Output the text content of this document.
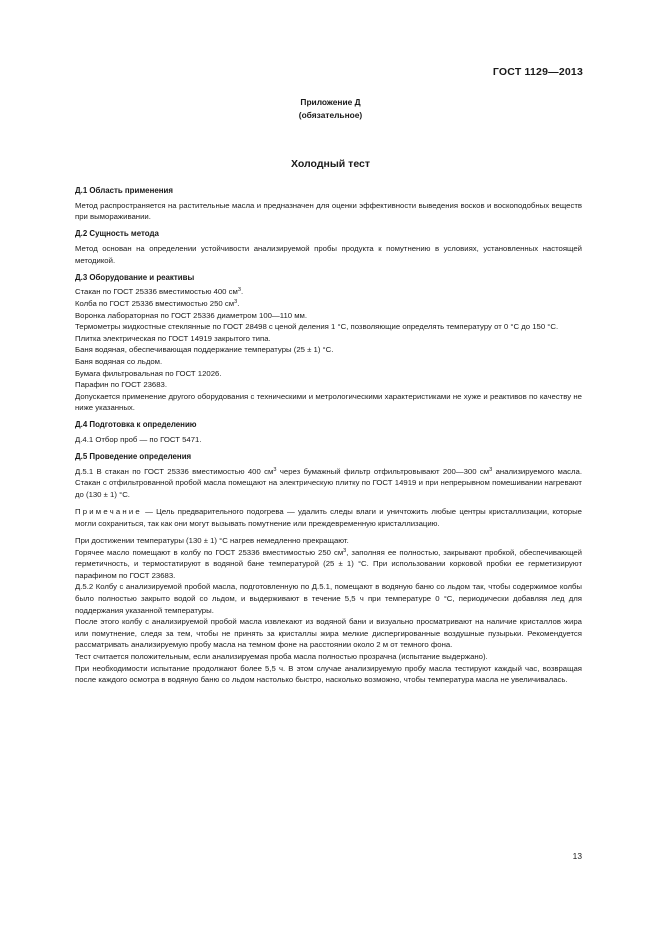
ГОСТ 1129—2013
Приложение Д
(обязательное)
Холодный тест
Д.1 Область применения

Метод распространяется на растительные масла и предназначен для оценки эффективности выведения восков и воскоподобных веществ при вымораживании.

Д.2 Сущность метода

Метод основан на определении устойчивости анализируемой пробы продукта к помутнению в условиях, установленных настоящей методикой.

Д.3 Оборудование и реактивы

Стакан по ГОСТ 25336 вместимостью 400 $см^3$.

Колба по ГОСТ 25336 вместимостью 250 $см^3$.

Воронка лабораторная по ГОСТ 25336 диаметром 100—110 мм.

Термометры жидкостные стеклянные по ГОСТ 28498 с ценой деления 1 °С, позволяющие определять температуру от 0 °С до 150 °С.

Плитка электрическая по ГОСТ 14919 закрытого типа.

Баня водяная, обеспечивающая поддержание температуры (25 ± 1) °С.

Баня водяная со льдом.

Бумага фильтровальная по ГОСТ 12026.

Парафин по ГОСТ 23683.

Допускается применение другого оборудования с техническими и метрологическими характеристиками не хуже и реактивов по качеству не ниже указанных.

Д.4 Подготовка к определению

Д.4.1 Отбор проб — по ГОСТ 5471.

Д.5 Проведение определения

Д.5.1 В стакан по ГОСТ 25336 вместимостью 400 $см^3$ через бумажный фильтр отфильтровывают 200—300 $см^3$ анализируемого масла. Стакан с отфильтрованной пробой масла помещают на электрическую плитку по ГОСТ 14919 и при непрерывном помешивании нагревают до (130 ± 1) °С.

Примечание — Цель предварительного подогрева — удалить следы влаги и уничтожить любые центры кристаллизации, которые могли сохраниться, так как они могут вызывать помутнение или преждевременную кристаллизацию.

При достижении температуры (130 ± 1) °С нагрев немедленно прекращают.

Горячее масло помещают в колбу по ГОСТ 25336 вместимостью 250 $см^3$, заполняя ее полностью, закрывают пробкой, обеспечивающей герметичность, и термостатируют в водяной бане температурой (25 ± 1) °С. При использовании корковой пробки ее герметизируют парафином по ГОСТ 23683.

Д.5.2 Колбу с анализируемой пробой масла, подготовленную по Д.5.1, помещают в водяную баню со льдом так, чтобы содержимое колбы было полностью закрыто водой со льдом, и выдерживают в течение 5,5 ч при температуре 0 °С, периодически добавляя лед для поддержания указанной температуры.

После этого колбу с анализируемой пробой масла извлекают из водяной бани и визуально просматривают на наличие кристаллов жира или помутнение, следя за тем, чтобы не принять за кристаллы жира мелкие диспергированные воздушные пузырьки. Рекомендуется рассматривать анализируемую пробу масла на темном фоне на расстоянии около 2 м от темного фона.

Тест считается положительным, если анализируемая проба масла полностью прозрачна (испытание выдержано).

При необходимости испытание продолжают более 5,5 ч. В этом случае анализируемую пробу масла тестируют каждый час, возвращая после каждого осмотра в водяную баню со льдом настолько быстро, насколько возможно, чтобы температура масла не увеличивалась.

13
